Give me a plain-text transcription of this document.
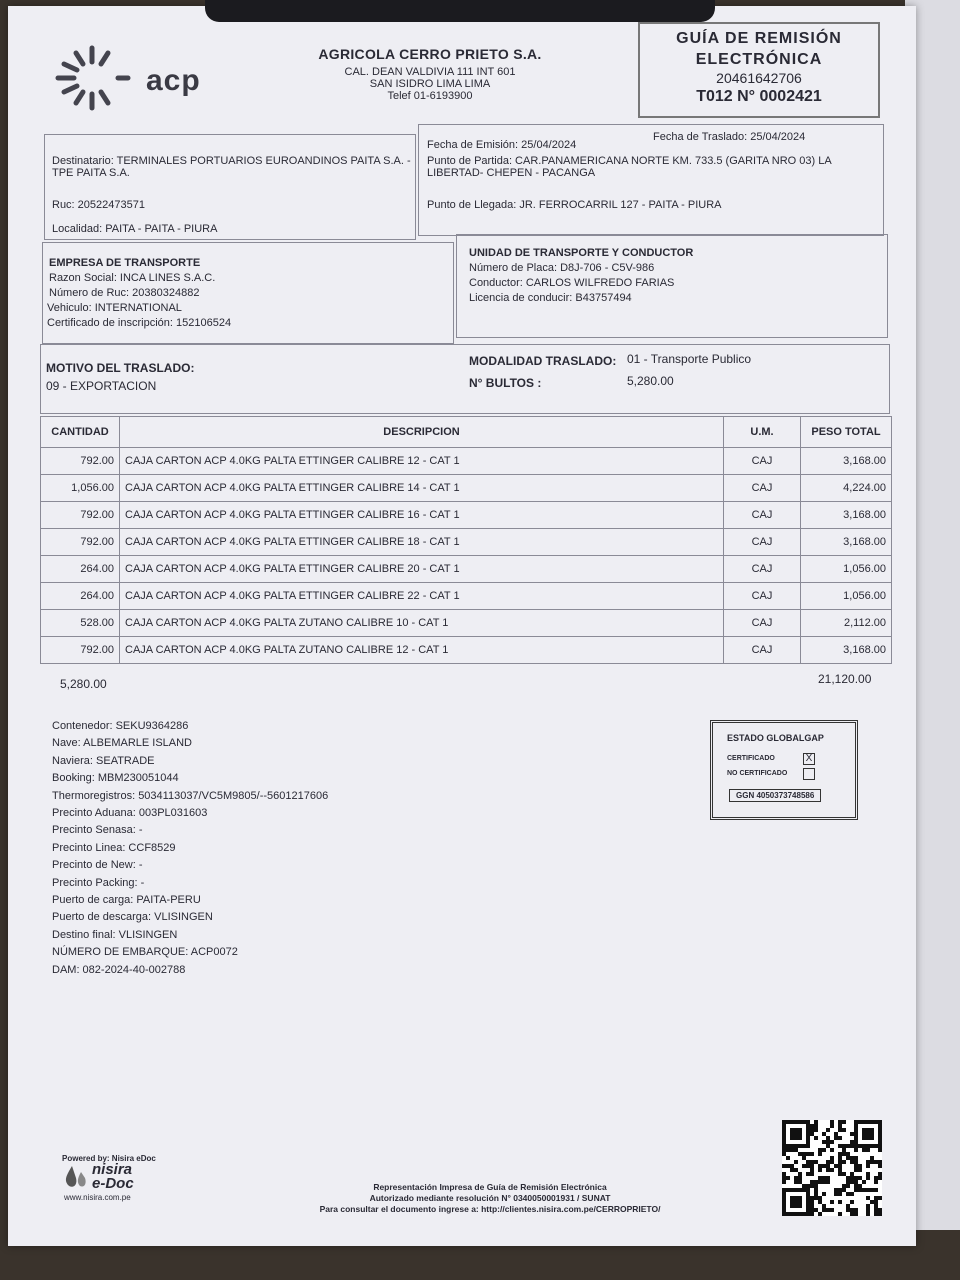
acp
AGRICOLA CERRO PRIETO S.A.
CAL. DEAN VALDIVIA 111 INT 601
SAN ISIDRO LIMA LIMA
Telef 01-6193900
GUÍA DE REMISIÓN
ELECTRÓNICA
20461642706
T012 N° 0002421
Destinatario: TERMINALES PORTUARIOS EUROANDINOS PAITA S.A. - TPE PAITA S.A.
Ruc: 20522473571
Localidad: PAITA - PAITA - PIURA
Fecha de Emisión: 25/04/2024
Fecha de Traslado: 25/04/2024
Punto de Partida: CAR.PANAMERICANA NORTE KM. 733.5 (GARITA NRO 03) LA LIBERTAD- CHEPEN - PACANGA
Punto de Llegada: JR. FERROCARRIL 127 - PAITA - PIURA
EMPRESA DE TRANSPORTE
Razon Social: INCA LINES S.A.C.
Número de Ruc: 20380324882
Vehiculo: INTERNATIONAL
Certificado de inscripción: 152106524
UNIDAD DE TRANSPORTE Y CONDUCTOR
Número de Placa: D8J-706 - C5V-986
Conductor: CARLOS WILFREDO FARIAS
Licencia de conducir: B43757494
MOTIVO DEL TRASLADO:
09 - EXPORTACION
MODALIDAD TRASLADO: 01 - Transporte Publico
N° BULTOS :	5,280.00
CANTIDAD	DESCRIPCION	U.M.	PESO TOTAL
792.00	CAJA CARTON ACP 4.0KG PALTA ETTINGER CALIBRE 12 - CAT 1	CAJ	3,168.00
1,056.00	CAJA CARTON ACP 4.0KG PALTA ETTINGER CALIBRE 14 - CAT 1	CAJ	4,224.00
792.00	CAJA CARTON ACP 4.0KG PALTA ETTINGER CALIBRE 16 - CAT 1	CAJ	3,168.00
792.00	CAJA CARTON ACP 4.0KG PALTA ETTINGER CALIBRE 18 - CAT 1	CAJ	3,168.00
264.00	CAJA CARTON ACP 4.0KG PALTA ETTINGER CALIBRE 20 - CAT 1	CAJ	1,056.00
264.00	CAJA CARTON ACP 4.0KG PALTA ETTINGER CALIBRE 22 - CAT 1	CAJ	1,056.00
528.00	CAJA CARTON ACP 4.0KG PALTA ZUTANO CALIBRE 10 - CAT 1	CAJ	2,112.00
792.00	CAJA CARTON ACP 4.0KG PALTA ZUTANO CALIBRE 12 - CAT 1	CAJ	3,168.00
5,280.00	21,120.00
Contenedor: SEKU9364286
Nave: ALBEMARLE ISLAND
Naviera: SEATRADE
Booking: MBM230051044
Thermoregistros: 5034113037/VC5M9805/--5601217606
Precinto Aduana: 003PL031603
Precinto Senasa: -
Precinto Linea: CCF8529
Precinto de New: -
Precinto Packing: -
Puerto de carga: PAITA-PERU
Puerto de descarga: VLISINGEN
Destino final: VLISINGEN
NÚMERO DE EMBARQUE: ACP0072
DAM: 082-2024-40-002788
ESTADO GLOBALGAP
CERTIFICADO	X
NO CERTIFICADO
GGN 4050373748586
Powered by: Nisira eDoc
nisira
e-Doc
www.nisira.com.pe
Representación Impresa de Guía de Remisión Electrónica
Autorizado mediante resolución N° 0340050001931 / SUNAT
Para consultar el documento ingrese a: http://clientes.nisira.com.pe/CERROPRIETO/
